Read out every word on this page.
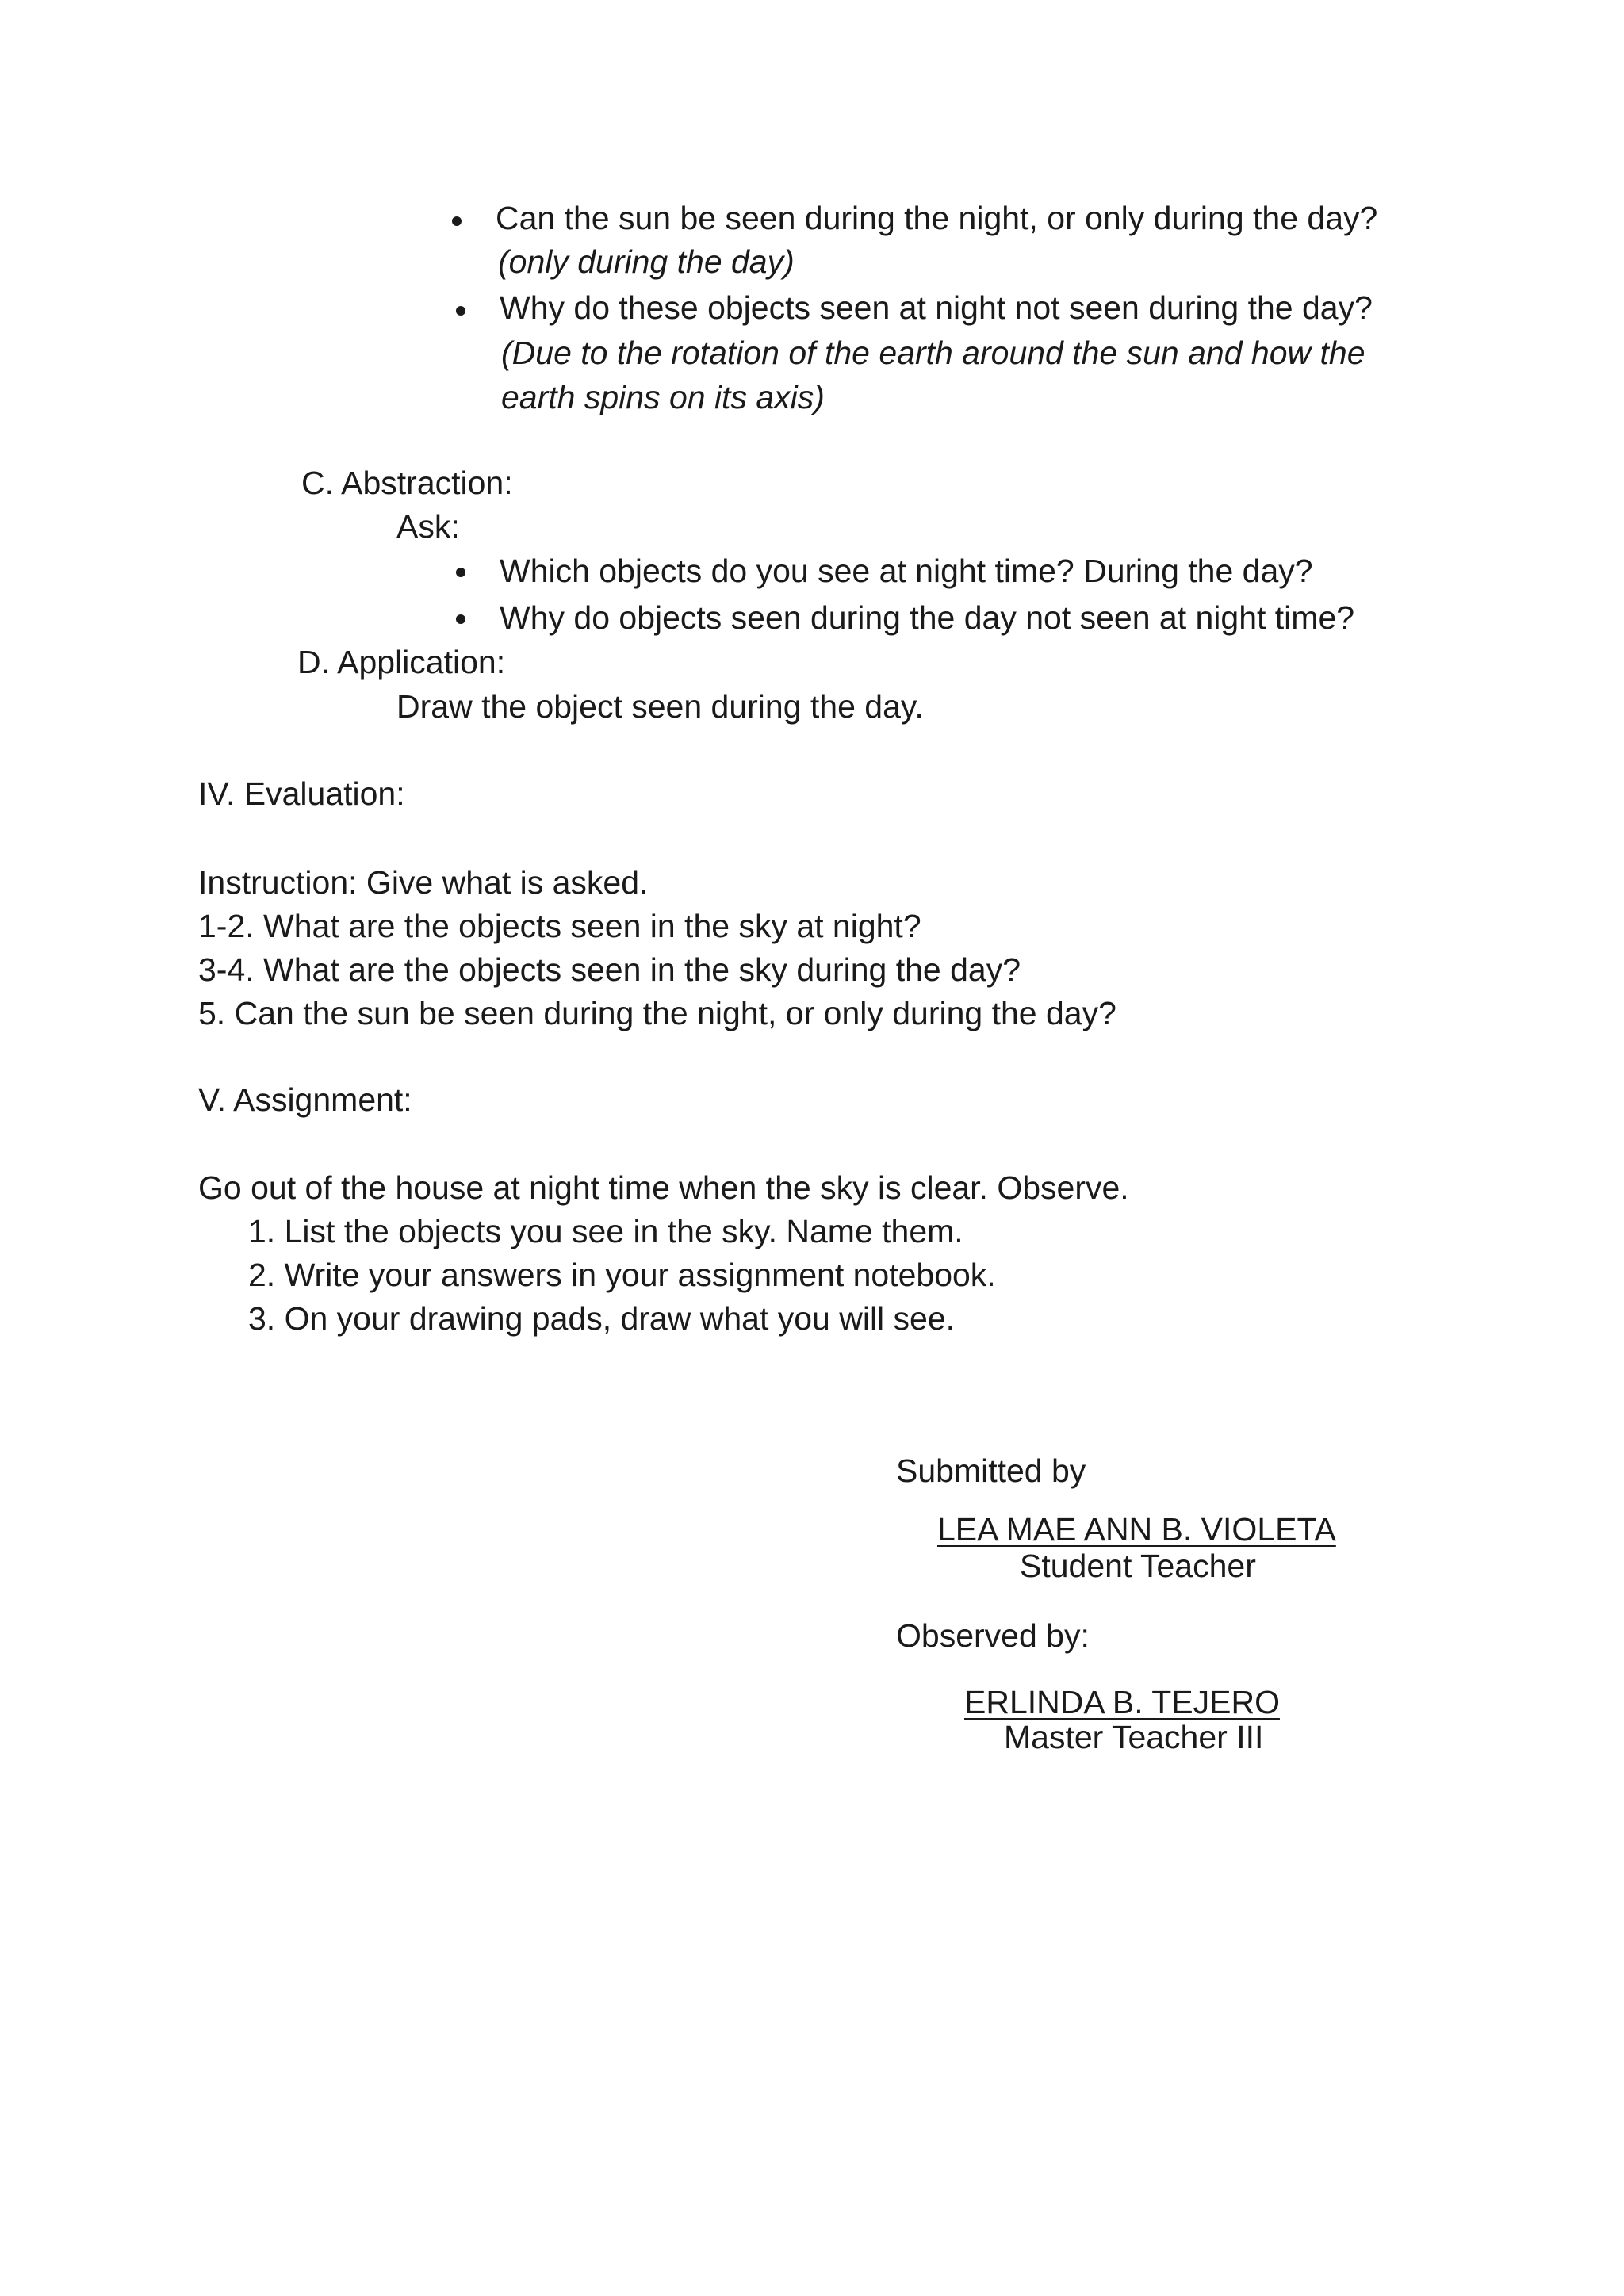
Can the sun be seen during the night, or only during the day?

(only during the day)

Why do these objects seen at night not seen during the day?

(Due to the rotation of the earth around the sun and how the

earth spins on its axis)

C. Abstraction:

Ask:

Which objects do you see at night time? During the day?

Why do objects seen during the day not seen at night time?

D. Application:

Draw the object seen during the day.

IV. Evaluation:

Instruction: Give what is asked.

1-2. What are the objects seen in the sky at night?

3-4. What are the objects seen in the sky during the day?

5. Can the sun be seen during the night, or only during the day?

V. Assignment:

Go out of the house at night time when the sky is clear. Observe.

1. List the objects you see in the sky. Name them.

2. Write your answers in your assignment notebook.

3. On your drawing pads, draw what you will see.

Submitted by

LEA MAE ANN B. VIOLETA

Student Teacher

Observed by:

ERLINDA B. TEJERO

Master Teacher III
